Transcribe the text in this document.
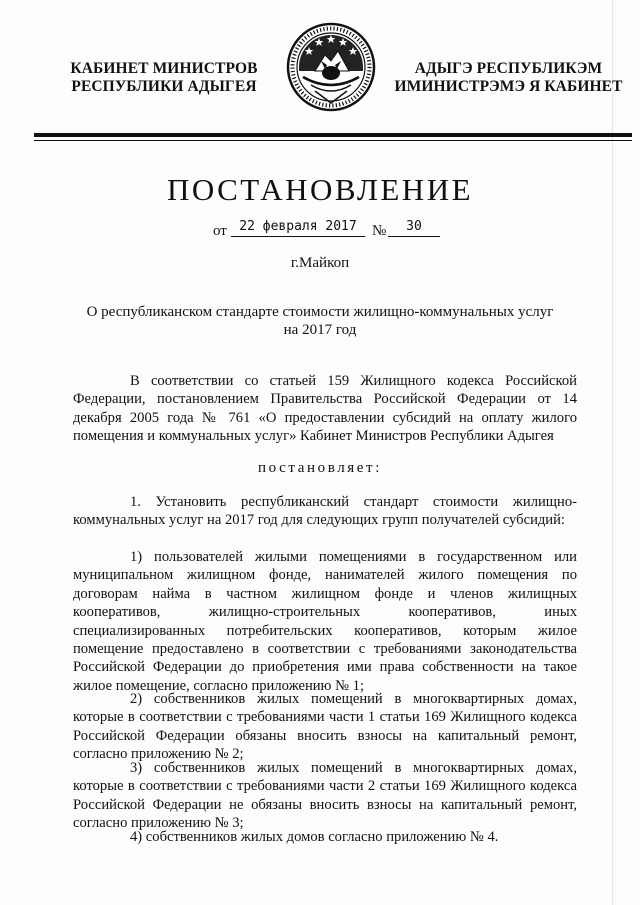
КАБИНЕТ МИНИСТРОВ
РЕСПУБЛИКИ АДЫГЕЯ
АДЫГЭ РЕСПУБЛИКЭМ
ИМИНИСТРЭМЭ Я КАБИНЕТ
ПОСТАНОВЛЕНИЕ
от 22 февраля 2017	№	30
г.Майкоп
О республиканском стандарте стоимости жилищно-коммунальных услуг
на 2017 год
В соответствии со статьей 159 Жилищного кодекса Российской Федерации, постановлением Правительства Российской Федерации от 14 декабря 2005 года № 761 «О предоставлении субсидий на оплату жилого помещения и коммунальных услуг» Кабинет Министров Республики Адыгея
постановляет:
1. Установить республиканский стандарт стоимости жилищно-коммунальных услуг на 2017 год для следующих групп получателей субсидий:
1) пользователей жилыми помещениями в государственном или муниципальном жилищном фонде, нанимателей жилого помещения по договорам найма в частном жилищном фонде и членов жилищных кооперативов, жилищно-строительных кооперативов, иных специализированных потребительских кооперативов, которым жилое помещение предоставлено в соответствии с требованиями законодательства Российской Федерации до приобретения ими права собственности на такое жилое помещение, согласно приложению № 1;
2) собственников жилых помещений в многоквартирных домах, которые в соответствии с требованиями части 1 статьи 169 Жилищного кодекса Российской Федерации обязаны вносить взносы на капитальный ремонт, согласно приложению № 2;
3) собственников жилых помещений в многоквартирных домах, которые в соответствии с требованиями части 2 статьи 169 Жилищного кодекса Российской Федерации не обязаны вносить взносы на капитальный ремонт, согласно приложению № 3;
4) собственников жилых домов согласно приложению № 4.
